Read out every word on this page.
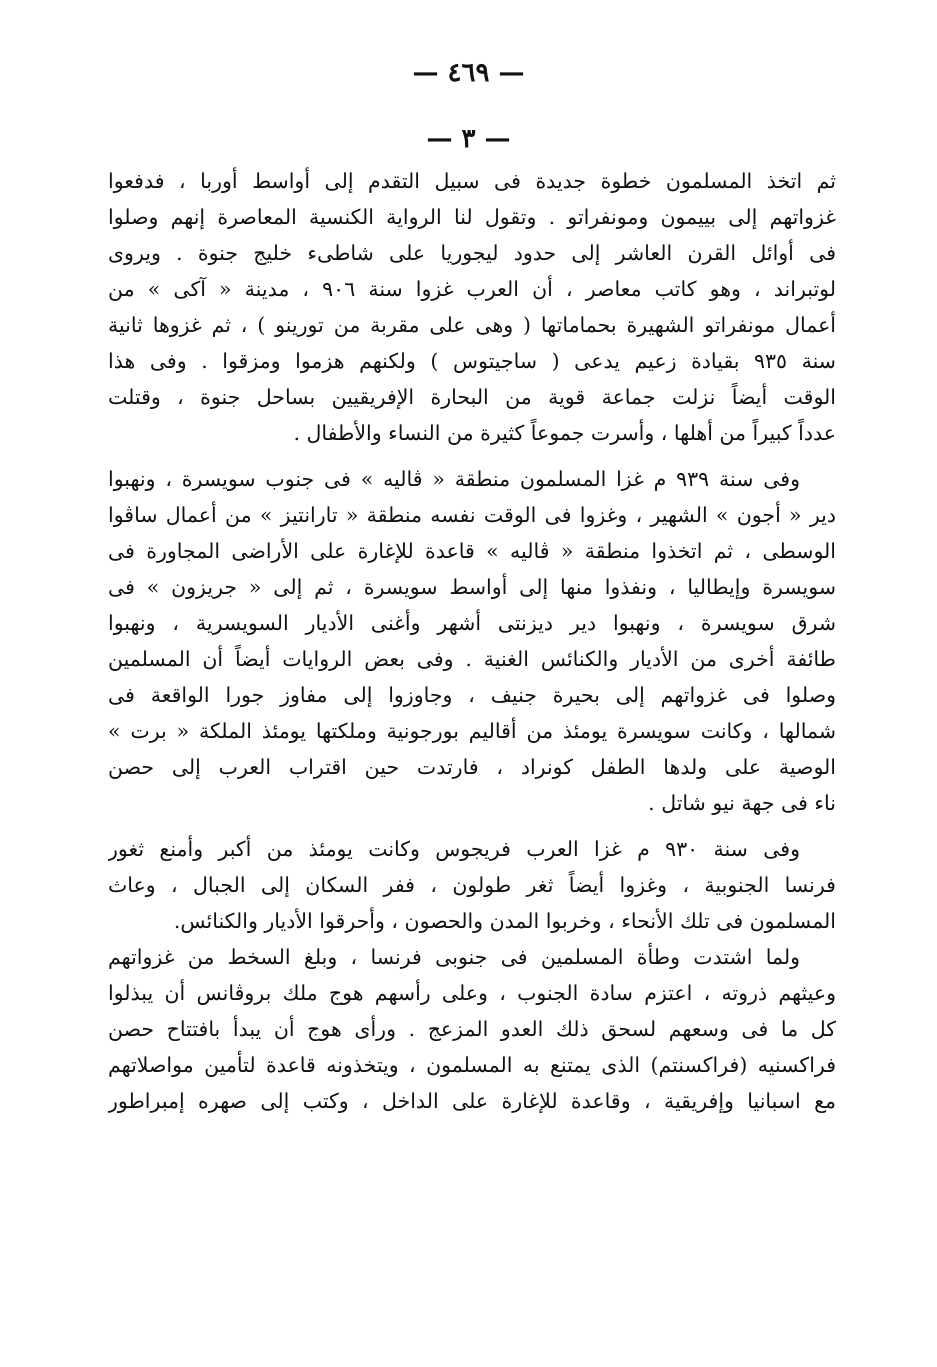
— ٤٦٩ —
— ٣ —
ثم اتخذ المسلمون خطوة جديدة فى سبيل التقدم إلى أواسط أوربا ، فدفعوا
غزواتهم إلى بييمون ومونفراتو . وتقول لنا الرواية الكنسية المعاصرة إنهم وصلوا
فى أوائل القرن العاشر إلى حدود ليجوريا على شاطىء خليج جنوة . ويروى
لوتبراند ، وهو كاتب معاصر ، أن العرب غزوا سنة ٩٠٦ ، مدينة « آكى » من
أعمال مونفراتو الشهيرة بحماماتها ( وهى على مقربة من تورينو ) ، ثم غزوها ثانية
سنة ٩٣٥ بقيادة زعيم يدعى ( ساجيتوس ) ولكنهم هزموا ومزقوا . وفى هذا
الوقت أيضاً نزلت جماعة قوية من البحارة الإفريقيين بساحل جنوة ، وقتلت
عدداً كبيراً من أهلها ، وأسرت جموعاً كثيرة من النساء والأطفال .
وفى سنة ٩٣٩ م غزا المسلمون منطقة « ڤاليه » فى جنوب سويسرة ، ونهبوا
دير « أجون » الشهير ، وغزوا فى الوقت نفسه منطقة « تارانتيز » من أعمال ساڤوا
الوسطى ، ثم اتخذوا منطقة « ڤاليه » قاعدة للإغارة على الأراضى المجاورة فى
سويسرة وإيطاليا ، ونفذوا منها إلى أواسط سويسرة ، ثم إلى « جريزون » فى
شرق سويسرة ، ونهبوا دير ديزنتى أشهر وأغنى الأديار السويسرية ، ونهبوا
طائفة أخرى من الأديار والكنائس الغنية . وفى بعض الروايات أيضاً أن المسلمين
وصلوا فى غزواتهم إلى بحيرة جنيف ، وجاوزوا إلى مفاوز جورا الواقعة فى
شمالها ، وكانت سويسرة يومئذ من أقاليم بورجونية وملكتها يومئذ الملكة « برت »
الوصية على ولدها الطفل كونراد ، فارتدت حين اقتراب العرب إلى حصن
ناء فى جهة نيو شاتل .
وفى سنة ٩٣٠ م غزا العرب فريجوس وكانت يومئذ من أكبر وأمنع ثغور
فرنسا الجنوبية ، وغزوا أيضاً ثغر طولون ، ففر السكان إلى الجبال ، وعاث
المسلمون فى تلك الأنحاء ، وخربوا المدن والحصون ، وأحرقوا الأديار والكنائس.
ولما اشتدت وطأة المسلمين فى جنوبى فرنسا ، وبلغ السخط من غزواتهم
وعيثهم ذروته ، اعتزم سادة الجنوب ، وعلى رأسهم هوج ملك بروڤانس أن يبذلوا
كل ما فى وسعهم لسحق ذلك العدو المزعج . ورأى هوج أن يبدأ بافتتاح حصن
فراكسنيه (فراكسنتم) الذى يمتنع به المسلمون ، ويتخذونه قاعدة لتأمين مواصلاتهم
مع اسبانيا وإفريقية ، وقاعدة للإغارة على الداخل ، وكتب إلى صهره إمبراطور
